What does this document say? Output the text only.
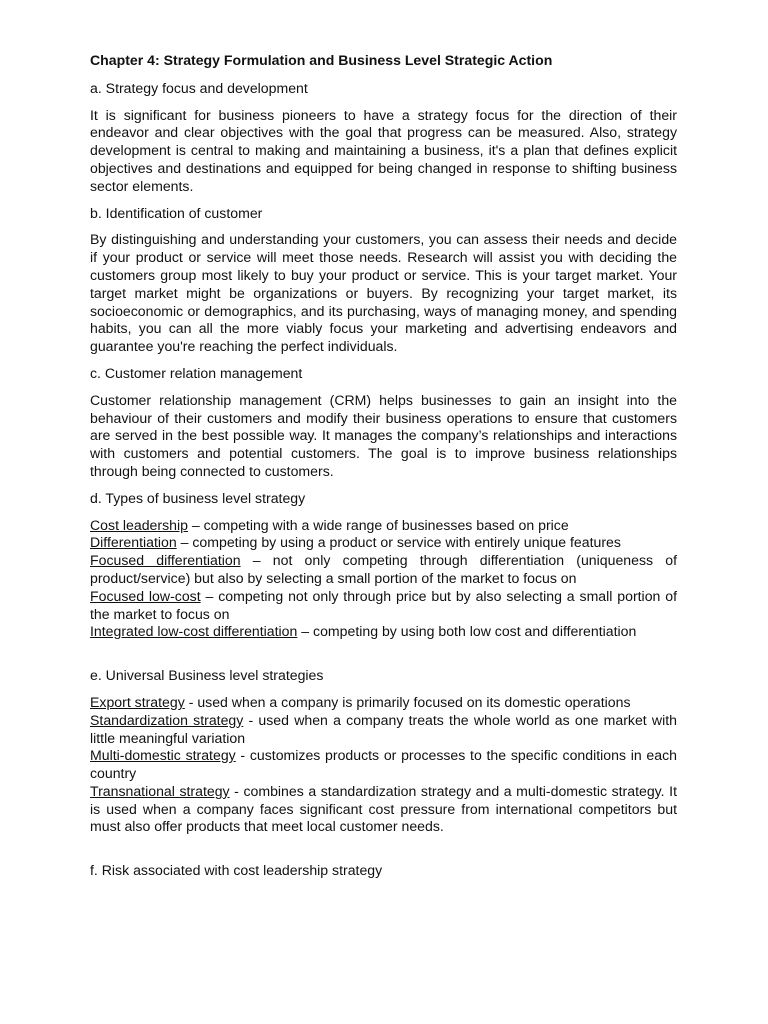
Chapter 4: Strategy Formulation and Business Level Strategic Action

a. Strategy focus and development

It is significant for business pioneers to have a strategy focus for the direction of their endeavor and clear objectives with the goal that progress can be measured. Also, strategy development is central to making and maintaining a business, it's a plan that defines explicit objectives and destinations and equipped for being changed in response to shifting business sector elements.

b. Identification of customer

By distinguishing and understanding your customers, you can assess their needs and decide if your product or service will meet those needs. Research will assist you with deciding the customers group most likely to buy your product or service. This is your target market. Your target market might be organizations or buyers. By recognizing your target market, its socioeconomic or demographics, and its purchasing, ways of managing money, and spending habits, you can all the more viably focus your marketing and advertising endeavors and guarantee you're reaching the perfect individuals.

c. Customer relation management

Customer relationship management (CRM) helps businesses to gain an insight into the behaviour of their customers and modify their business operations to ensure that customers are served in the best possible way. It manages the company’s relationships and interactions with customers and potential customers. The goal is to improve business relationships through being connected to customers.

d. Types of business level strategy

Cost leadership – competing with a wide range of businesses based on price

Differentiation – competing by using a product or service with entirely unique features

Focused differentiation – not only competing through differentiation (uniqueness of product/service) but also by selecting a small portion of the market to focus on

Focused low-cost – competing not only through price but by also selecting a small portion of the market to focus on

Integrated low-cost differentiation – competing by using both low cost and differentiation

e. Universal Business level strategies

Export strategy - used when a company is primarily focused on its domestic operations

Standardization strategy - used when a company treats the whole world as one market with little meaningful variation

Multi-domestic strategy - customizes products or processes to the specific conditions in each country

Transnational strategy - combines a standardization strategy and a multi-domestic strategy. It is used when a company faces significant cost pressure from international competitors but must also offer products that meet local customer needs.

f. Risk associated with cost leadership strategy
